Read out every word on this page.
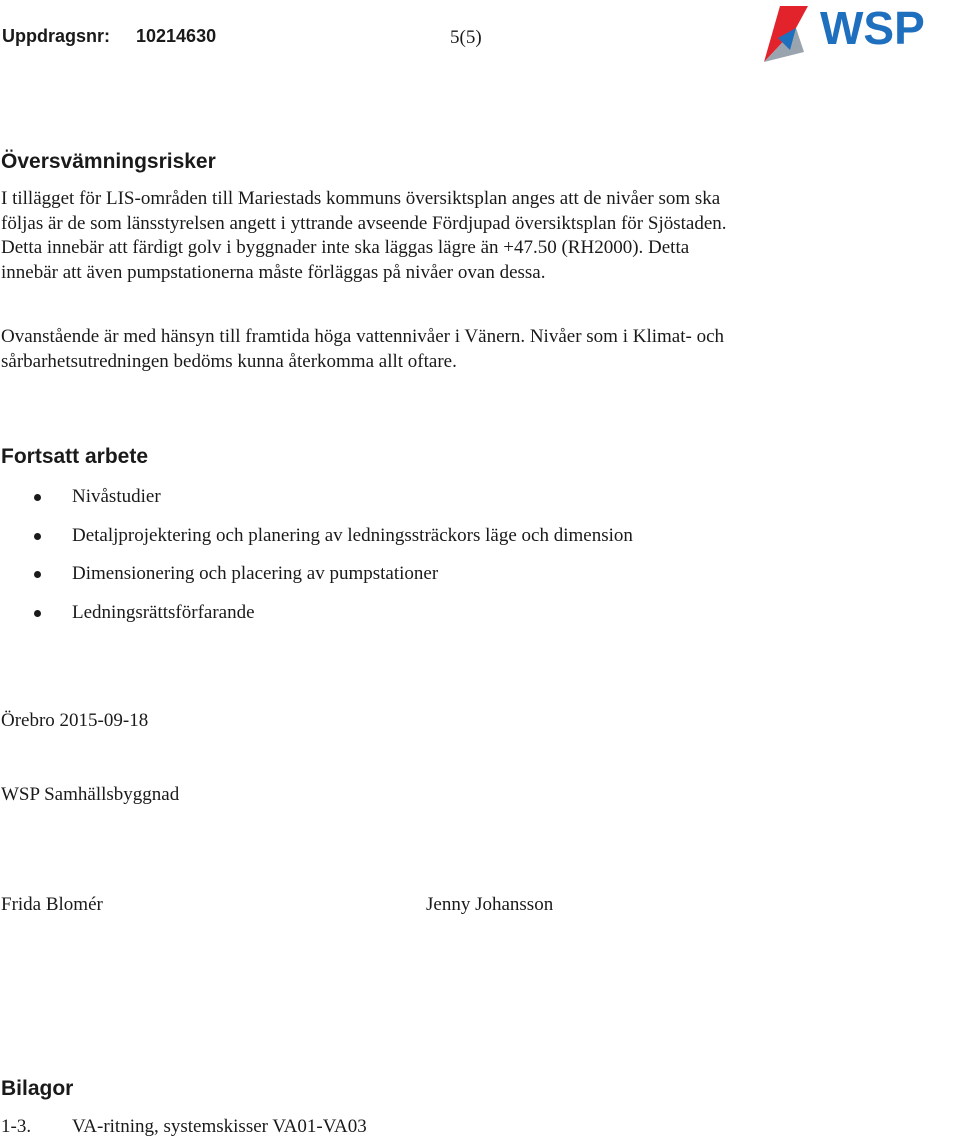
Uppdragsnr: 10214630	5(5)	WSP
Översvämningsrisker

I tillägget för LIS-områden till Mariestads kommuns översiktsplan anges att de nivåer som ska följas är de som länsstyrelsen angett i yttrande avseende Fördjupad översiktsplan för Sjöstaden. Detta innebär att färdigt golv i byggnader inte ska läggas lägre än +47.50 (RH2000). Detta innebär att även pumpstationerna måste förläggas på nivåer ovan dessa.

Ovanstående är med hänsyn till framtida höga vattennivåer i Vänern. Nivåer som i Klimat- och sårbarhetsutredningen bedöms kunna återkomma allt oftare.

Fortsatt arbete
Nivåstudier
Detaljprojektering och planering av ledningssträckors läge och dimension
Dimensionering och placering av pumpstationer
Ledningsrättsförfarande
Örebro 2015-09-18
WSP Samhällsbyggnad
Frida Blomér	Jenny Johansson
Bilagor
1-3. VA-ritning, systemskisser VA01-VA03
